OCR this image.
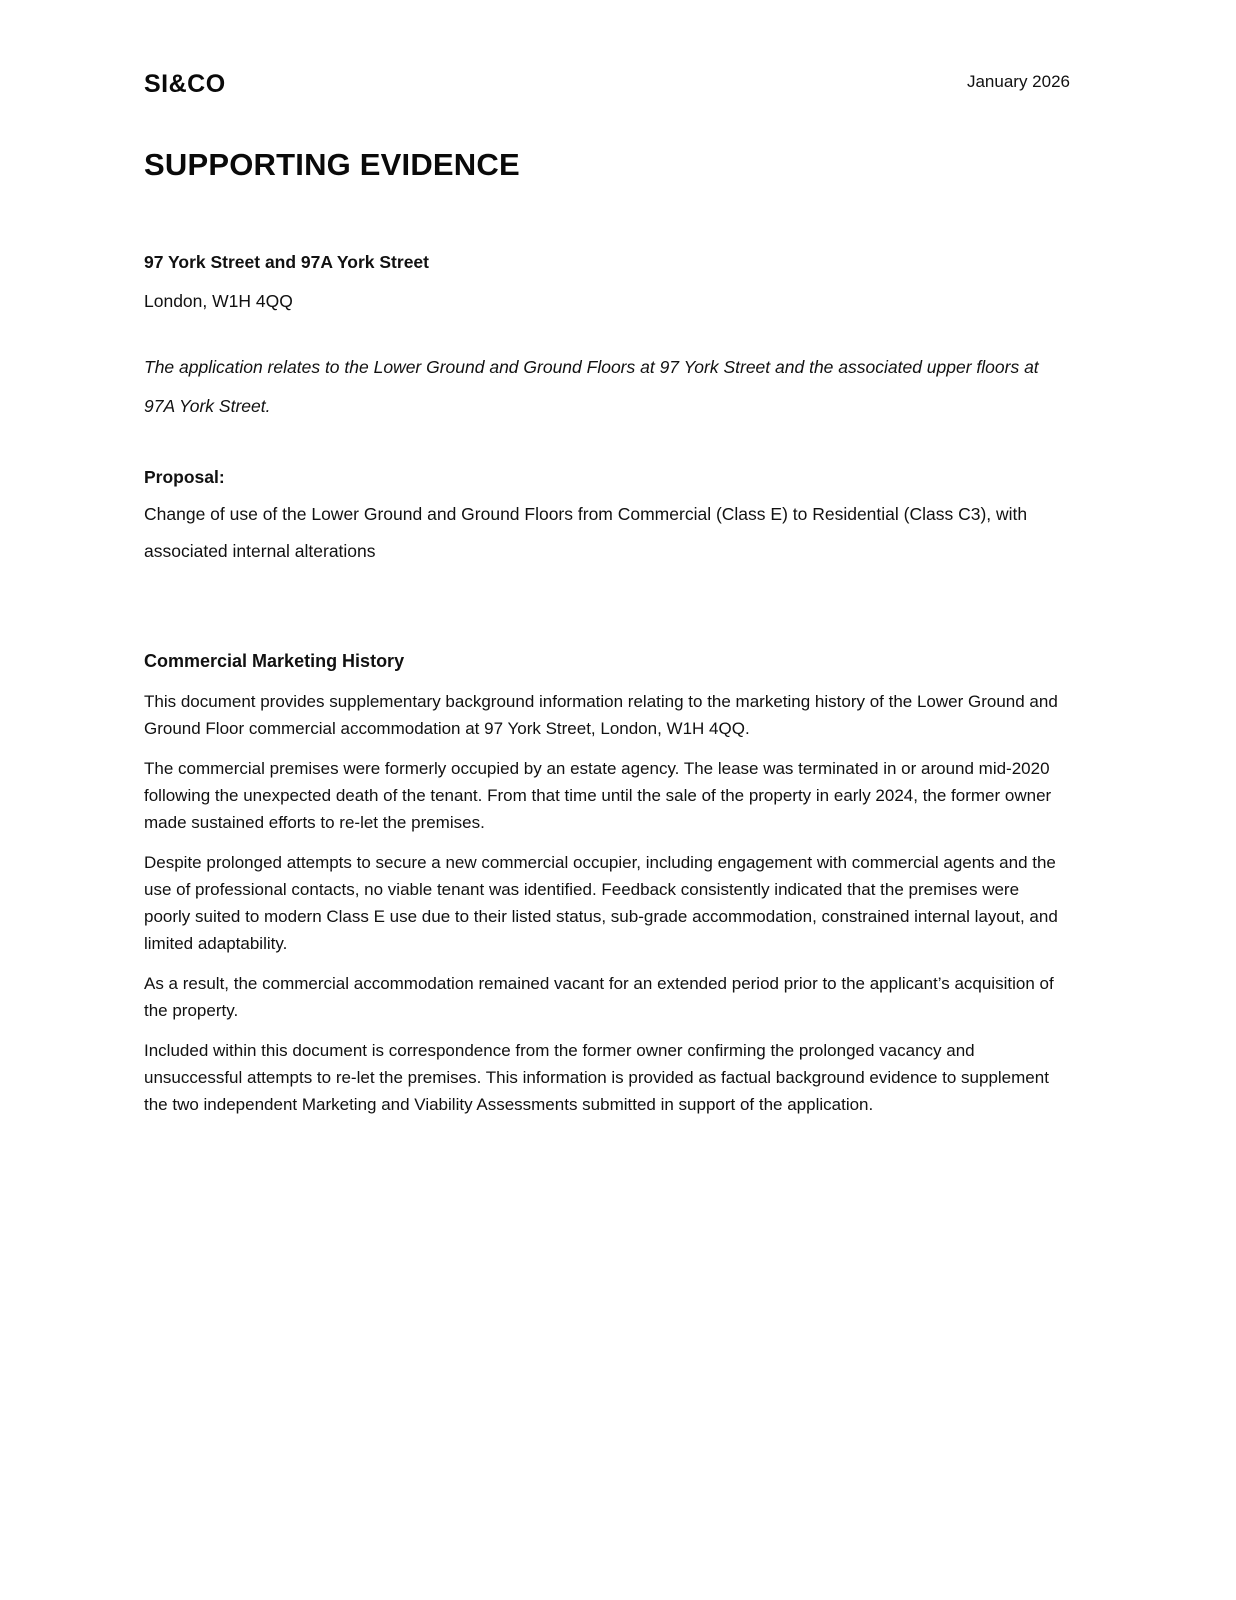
SI&CO	January 2026
SUPPORTING EVIDENCE
97 York Street and 97A York Street
London, W1H 4QQ
The application relates to the Lower Ground and Ground Floors at 97 York Street and the associated upper floors at 97A York Street.
Proposal:
Change of use of the Lower Ground and Ground Floors from Commercial (Class E) to Residential (Class C3), with associated internal alterations
Commercial Marketing History

This document provides supplementary background information relating to the marketing history of the Lower Ground and Ground Floor commercial accommodation at 97 York Street, London, W1H 4QQ.

The commercial premises were formerly occupied by an estate agency. The lease was terminated in or around mid-2020 following the unexpected death of the tenant. From that time until the sale of the property in early 2024, the former owner made sustained efforts to re-let the premises.

Despite prolonged attempts to secure a new commercial occupier, including engagement with commercial agents and the use of professional contacts, no viable tenant was identified. Feedback consistently indicated that the premises were poorly suited to modern Class E use due to their listed status, sub-grade accommodation, constrained internal layout, and limited adaptability.

As a result, the commercial accommodation remained vacant for an extended period prior to the applicant’s acquisition of the property.

Included within this document is correspondence from the former owner confirming the prolonged vacancy and unsuccessful attempts to re-let the premises. This information is provided as factual background evidence to supplement the two independent Marketing and Viability Assessments submitted in support of the application.
